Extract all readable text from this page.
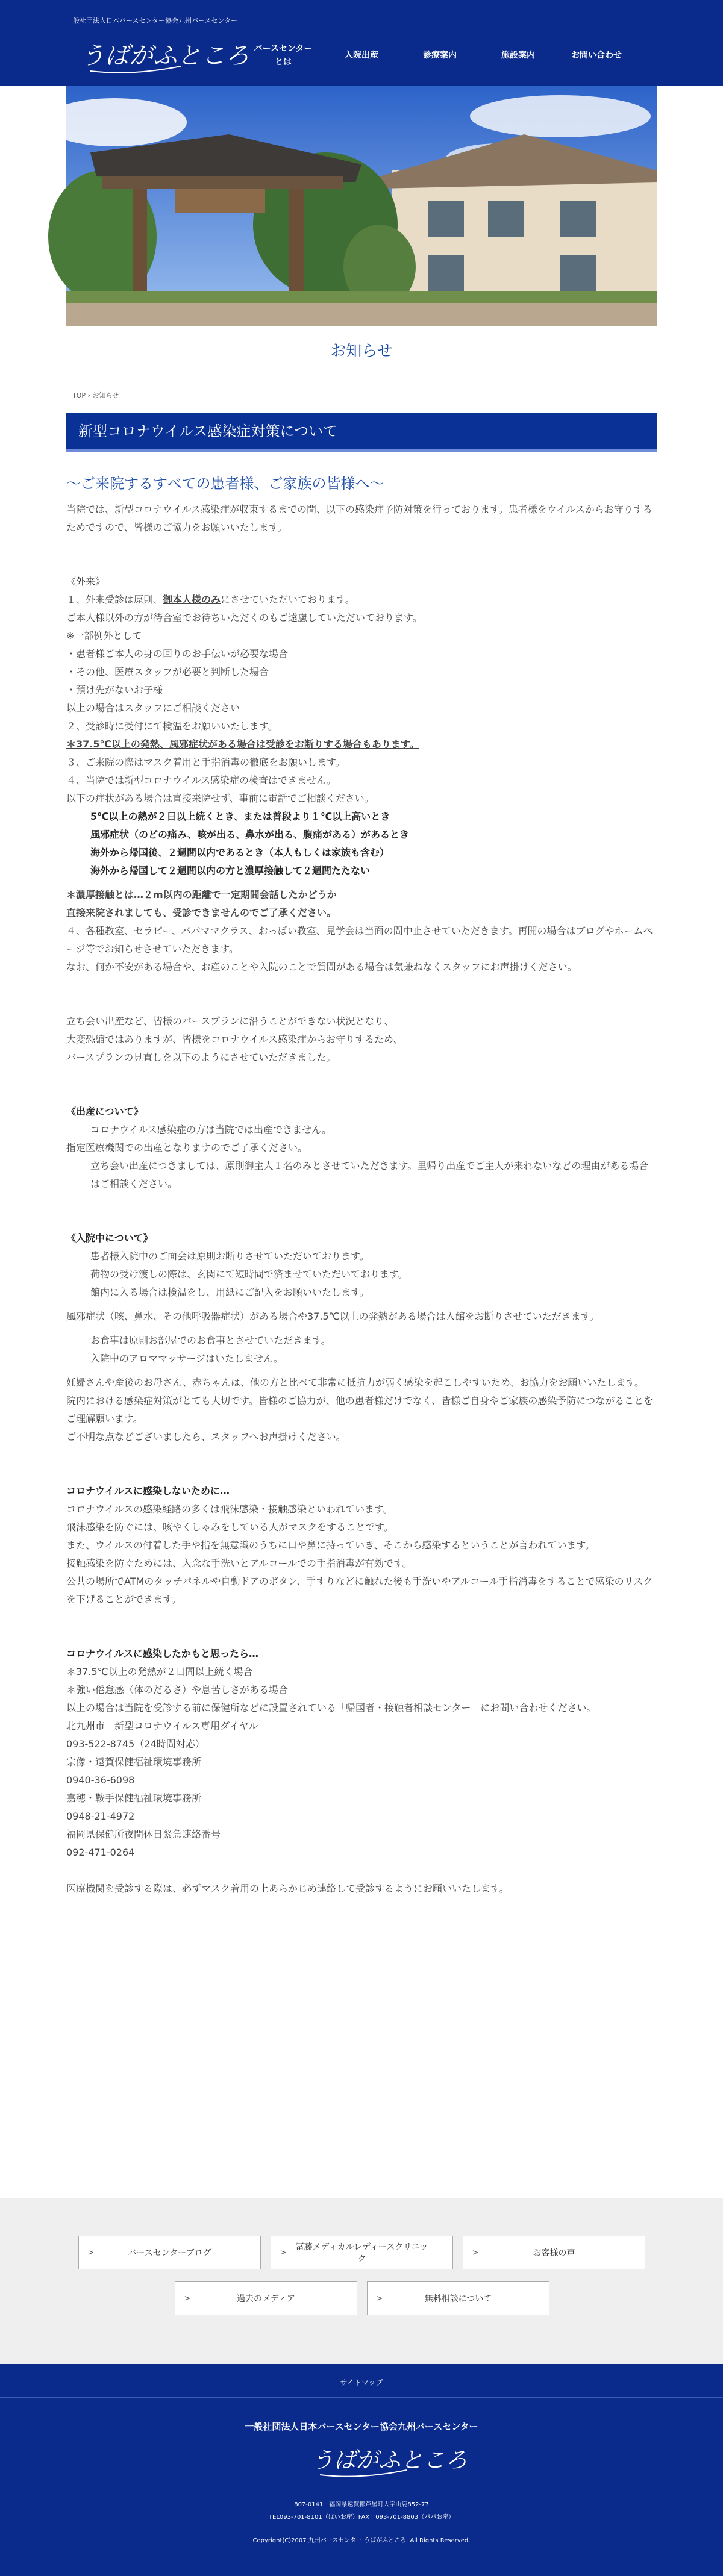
一般社団法人日本バースセンター協会九州バースセンター
うばがふところ バースセンター
とは
入院出産	診療案内	施設案内	お問い合わせ
お知らせ
TOP › お知らせ
新型コロナウイルス感染症対策について

〜ご来院するすべての患者様、ご家族の皆様へ〜

当院では、新型コロナウイルス感染症が収束するまでの間、以下の感染症予防対策を行っております。患者様をウイルスからお守りするためですので、皆様のご協力をお願いいたします。

《外来》

１、外来受診は原則、御本人様のみにさせていただいております。

ご本人様以外の方が待合室でお待ちいただくのもご遠慮していただいております。

※一部例外として

・患者様ご本人の身の回りのお手伝いが必要な場合

・その他、医療スタッフが必要と判断した場合

・預け先がないお子様

以上の場合はスタッフにご相談ください

２、受診時に受付にて検温をお願いいたします。

＊37.5℃以上の発熱、風邪症状がある場合は受診をお断りする場合もあります。

３、ご来院の際はマスク着用と手指消毒の徹底をお願いします。

４、当院では新型コロナウイルス感染症の検査はできません。

以下の症状がある場合は直接来院せず、事前に電話でご相談ください。

5℃以上の熱が２日以上続くとき、または普段より１℃以上高いとき

風邪症状（のどの痛み、咳が出る、鼻水が出る、腹痛がある）があるとき

海外から帰国後、２週間以内であるとき（本人もしくは家族も含む）

海外から帰国して２週間以内の方と濃厚接触して２週間たたない

＊濃厚接触とは…２m以内の距離で一定期間会話したかどうか

直接来院されましても、受診できませんのでご了承ください。

４、各種教室、セラピー、パパママクラス、おっぱい教室、見学会は当面の間中止させていただきます。再開の場合はブログやホームページ等でお知らせさせていただきます。

なお、何か不安がある場合や、お産のことや入院のことで質問がある場合は気兼ねなくスタッフにお声掛けください。

立ち会い出産など、皆様のバースプランに沿うことができない状況となり、

大変恐縮ではありますが、皆様をコロナウイルス感染症からお守りするため、

バースプランの見直しを以下のようにさせていただきました。

《出産について》

コロナウイルス感染症の方は当院では出産できません。

指定医療機関での出産となりますのでご了承ください。

立ち会い出産につきましては、原則御主人１名のみとさせていただきます。里帰り出産でご主人が来れないなどの理由がある場合はご相談ください。

《入院中について》

患者様入院中のご面会は原則お断りさせていただいております。

荷物の受け渡しの際は、玄関にて短時間で済ませていただいております。

館内に入る場合は検温をし、用紙にご記入をお願いいたします。

風邪症状（咳、鼻水、その他呼吸器症状）がある場合や37.5℃以上の発熱がある場合は入館をお断りさせていただきます。

お食事は原則お部屋でのお食事とさせていただきます。

入院中のアロママッサージはいたしません。

妊婦さんや産後のお母さん、赤ちゃんは、他の方と比べて非常に抵抗力が弱く感染を起こしやすいため、お協力をお願いいたします。

院内における感染症対策がとても大切です。皆様のご協力が、他の患者様だけでなく、皆様ご自身やご家族の感染予防につながることをご理解願います。

ご不明な点などございましたら、スタッフへお声掛けください。

コロナウイルスに感染しないために…

コロナウイルスの感染経路の多くは飛沫感染・接触感染といわれています。

飛沫感染を防ぐには、咳やくしゃみをしている人がマスクをすることです。

また、ウイルスの付着した手や指を無意識のうちに口や鼻に持っていき、そこから感染するということが言われています。

接触感染を防ぐためには、入念な手洗いとアルコールでの手指消毒が有効です。

公共の場所でATMのタッチパネルや自動ドアのボタン、手すりなどに触れた後も手洗いやアルコール手指消毒をすることで感染のリスクを下げることができます。

コロナウイルスに感染したかもと思ったら…

＊37.5℃以上の発熱が２日間以上続く場合

＊強い倦怠感（体のだるさ）や息苦しさがある場合

以上の場合は当院を受診する前に保健所などに設置されている「帰国者・接触者相談センター」にお問い合わせください。

北九州市　新型コロナウイルス専用ダイヤル

093-522-8745（24時間対応）

宗像・遠賀保健福祉環境事務所

0940-36-6098

嘉穂・鞍手保健福祉環境事務所

0948-21-4972

福岡県保健所夜間休日緊急連絡番号

092-471-0264

医療機関を受診する際は、必ずマスク着用の上あらかじめ連絡して受診するようにお願いいたします。

>	バースセンターブログ	>
冨藤メディカルレディースクリニック
>	お客様の声
>	過去のメディア	>	無料相談について
サイトマップ
一般社団法人日本バースセンター協会九州バースセンター
うばがふところ
807-0141　福岡県遠賀郡芦屋町大字山鹿852-77
TEL093-701-8101（ほいお産）FAX：093-701-8803（パパお産）
Copyright(C)2007 九州バースセンター うばがふところ. All Rights Reserved.
